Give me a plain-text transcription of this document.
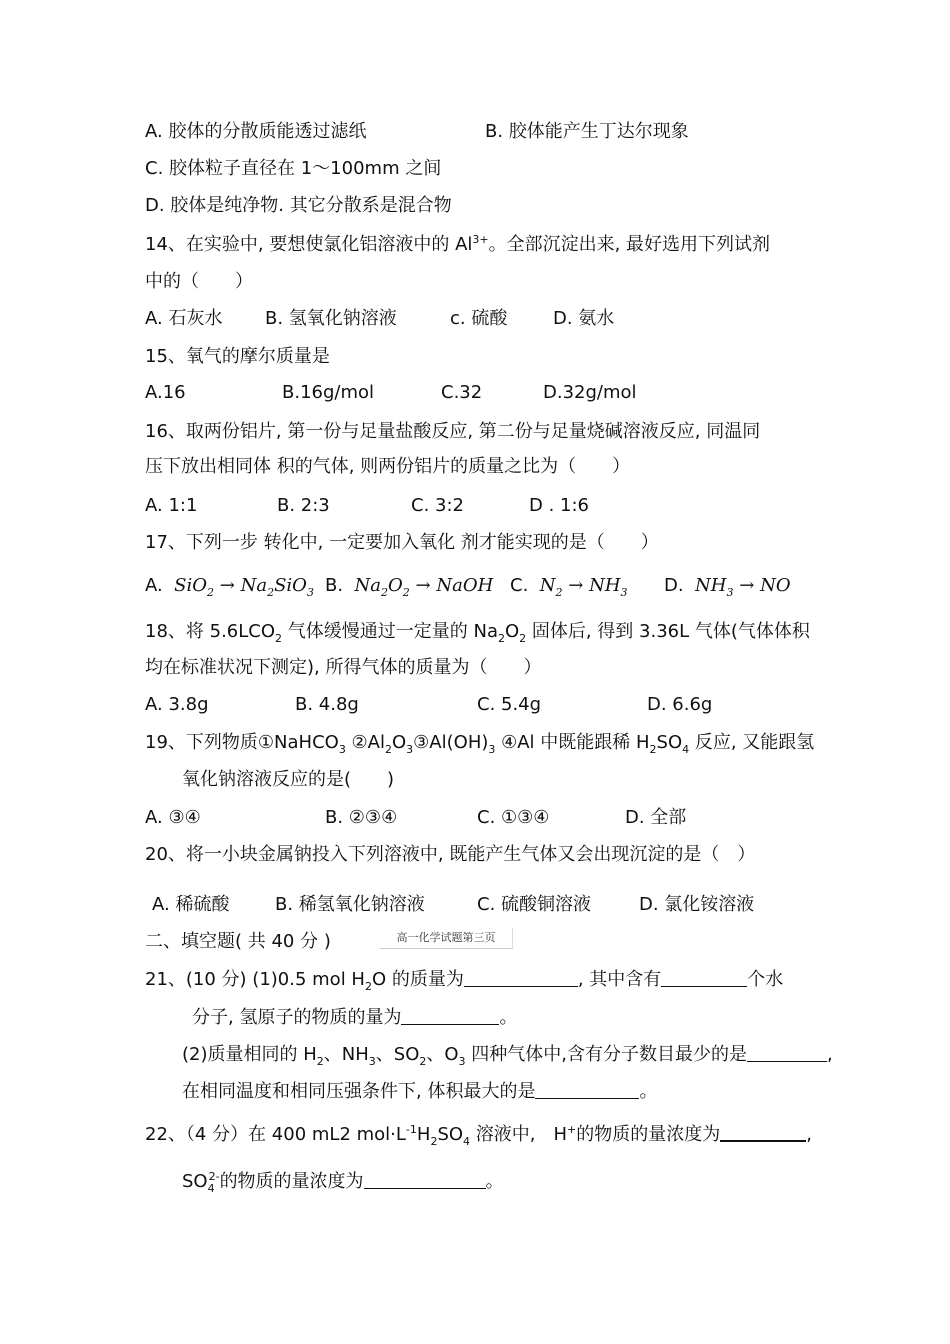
A. 胶体的分散质能透过滤纸	B. 胶体能产生丁达尔现象
C. 胶体粒子直径在 1～100mm 之间
D. 胶体是纯净物. 其它分散系是混合物
14、在实验中, 要想使氯化铝溶液中的 $Al^{3+}$。全部沉淀出来, 最好选用下列试剂
中的（　　）
A. 石灰水 B. 氢氧化钠溶液	c. 硫酸	D. 氨水
15、氧气的摩尔质量是
A.16	B.16g/mol	C.32	D.32g/mol
16、取两份铝片, 第一份与足量盐酸反应, 第二份与足量烧碱溶液反应, 同温同
压下放出相同体 积的气体, 则两份铝片的质量之比为（　　）
A. 1:1	B. 2:3	C. 3:2	D . 1:6
17、下列一步 转化中, 一定要加入氧化 剂才能实现的是（　　）
A. $SiO_2 \to Na_2SiO_3$ B. $Na_2O_2$ → NaOH C. $N_2 \to NH_3$ D. $NH_3$ → NO
18、将 $5.6LCO_2$ 气体缓慢通过一定量的 $Na_2O_2$ 固体后, 得到 3.36L 气体(气体体积
均在标准状况下测定), 所得气体的质量为（　　）
A. 3.8g	B. 4.8g	C. 5.4g	D. 6.6g
19、下列物质①NaHCO$_3$ $②Al_2O_3③Al(OH)_3$ ④Al 中既能跟稀 $H_2SO_4$ 反应, 又能跟氢
氧化钠溶液反应的是(　　)
A. ③④	B. ②③④	C. ①③④	D. 全部
20、将一小块金属钠投入下列溶液中, 既能产生气体又会出现沉淀的是（　）
A. 稀硫酸	B. 稀氢氧化钠溶液	C. 硫酸铜溶液	D. 氯化铵溶液
二、填空题( 共 40 分 )	高一化学试题第三页
21、(10 分) (1)0.5 mol $H_2O$ 的质量为	, 其中含有	个水
分子, 氢原子的物质的量为	。
(2)质量相同的 $H_2$、$NH_3$、$SO_2$、$O_3$ 四种气体中,含有分子数目最少的是	,
在相同温度和相同压强条件下, 体积最大的是	。
22、（4 分）在 400 mL2 $mol\cdot L^{-1}H_2SO_4$ 溶液中,　H+的物质的量浓度为	,
$SO_4^{2-}$的物质的量浓度为	。
